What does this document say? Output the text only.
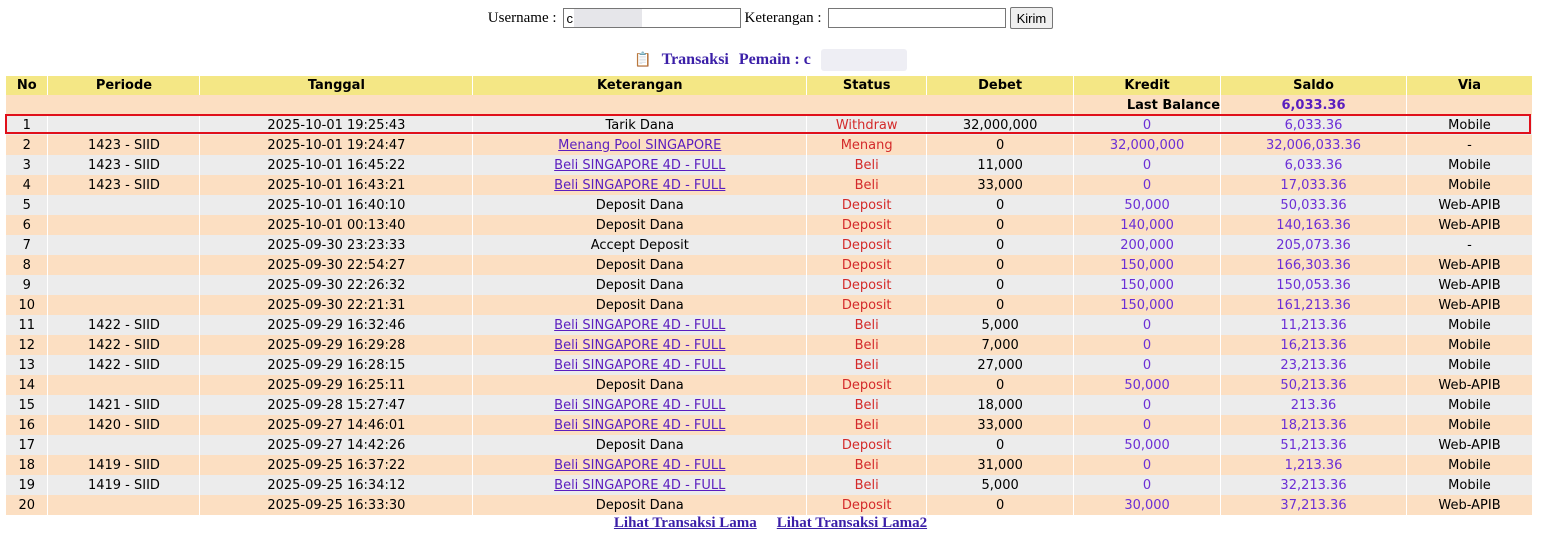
Username :
c	Keterangan :	Kirim
📋 Transaksi Pemain : c
No	Periode	Tanggal	Keterangan	Status	Debet	Kredit	Saldo	Via
						Last Balance	6,033.36	
1		2025-10-01 19:25:43	Tarik Dana	Withdraw	32,000,000	0	6,033.36	Mobile
2	1423 - SIID	2025-10-01 19:24:47	Menang Pool SINGAPORE	Menang	0	32,000,000	32,006,033.36	-
3	1423 - SIID	2025-10-01 16:45:22	Beli SINGAPORE 4D - FULL	Beli	11,000	0	6,033.36	Mobile
4	1423 - SIID	2025-10-01 16:43:21	Beli SINGAPORE 4D - FULL	Beli	33,000	0	17,033.36	Mobile
5		2025-10-01 16:40:10	Deposit Dana	Deposit	0	50,000	50,033.36	Web-APIB
6		2025-10-01 00:13:40	Deposit Dana	Deposit	0	140,000	140,163.36	Web-APIB
7		2025-09-30 23:23:33	Accept Deposit	Deposit	0	200,000	205,073.36	-
8		2025-09-30 22:54:27	Deposit Dana	Deposit	0	150,000	166,303.36	Web-APIB
9		2025-09-30 22:26:32	Deposit Dana	Deposit	0	150,000	150,053.36	Web-APIB
10		2025-09-30 22:21:31	Deposit Dana	Deposit	0	150,000	161,213.36	Web-APIB
11	1422 - SIID	2025-09-29 16:32:46	Beli SINGAPORE 4D - FULL	Beli	5,000	0	11,213.36	Mobile
12	1422 - SIID	2025-09-29 16:29:28	Beli SINGAPORE 4D - FULL	Beli	7,000	0	16,213.36	Mobile
13	1422 - SIID	2025-09-29 16:28:15	Beli SINGAPORE 4D - FULL	Beli	27,000	0	23,213.36	Mobile
14		2025-09-29 16:25:11	Deposit Dana	Deposit	0	50,000	50,213.36	Web-APIB
15	1421 - SIID	2025-09-28 15:27:47	Beli SINGAPORE 4D - FULL	Beli	18,000	0	213.36	Mobile
16	1420 - SIID	2025-09-27 14:46:01	Beli SINGAPORE 4D - FULL	Beli	33,000	0	18,213.36	Mobile
17		2025-09-27 14:42:26	Deposit Dana	Deposit	0	50,000	51,213.36	Web-APIB
18	1419 - SIID	2025-09-25 16:37:22	Beli SINGAPORE 4D - FULL	Beli	31,000	0	1,213.36	Mobile
19	1419 - SIID	2025-09-25 16:34:12	Beli SINGAPORE 4D - FULL	Beli	5,000	0	32,213.36	Mobile
20		2025-09-25 16:33:30	Deposit Dana	Deposit	0	30,000	37,213.36	Web-APIB
Lihat Transaksi Lama Lihat Transaksi Lama2
